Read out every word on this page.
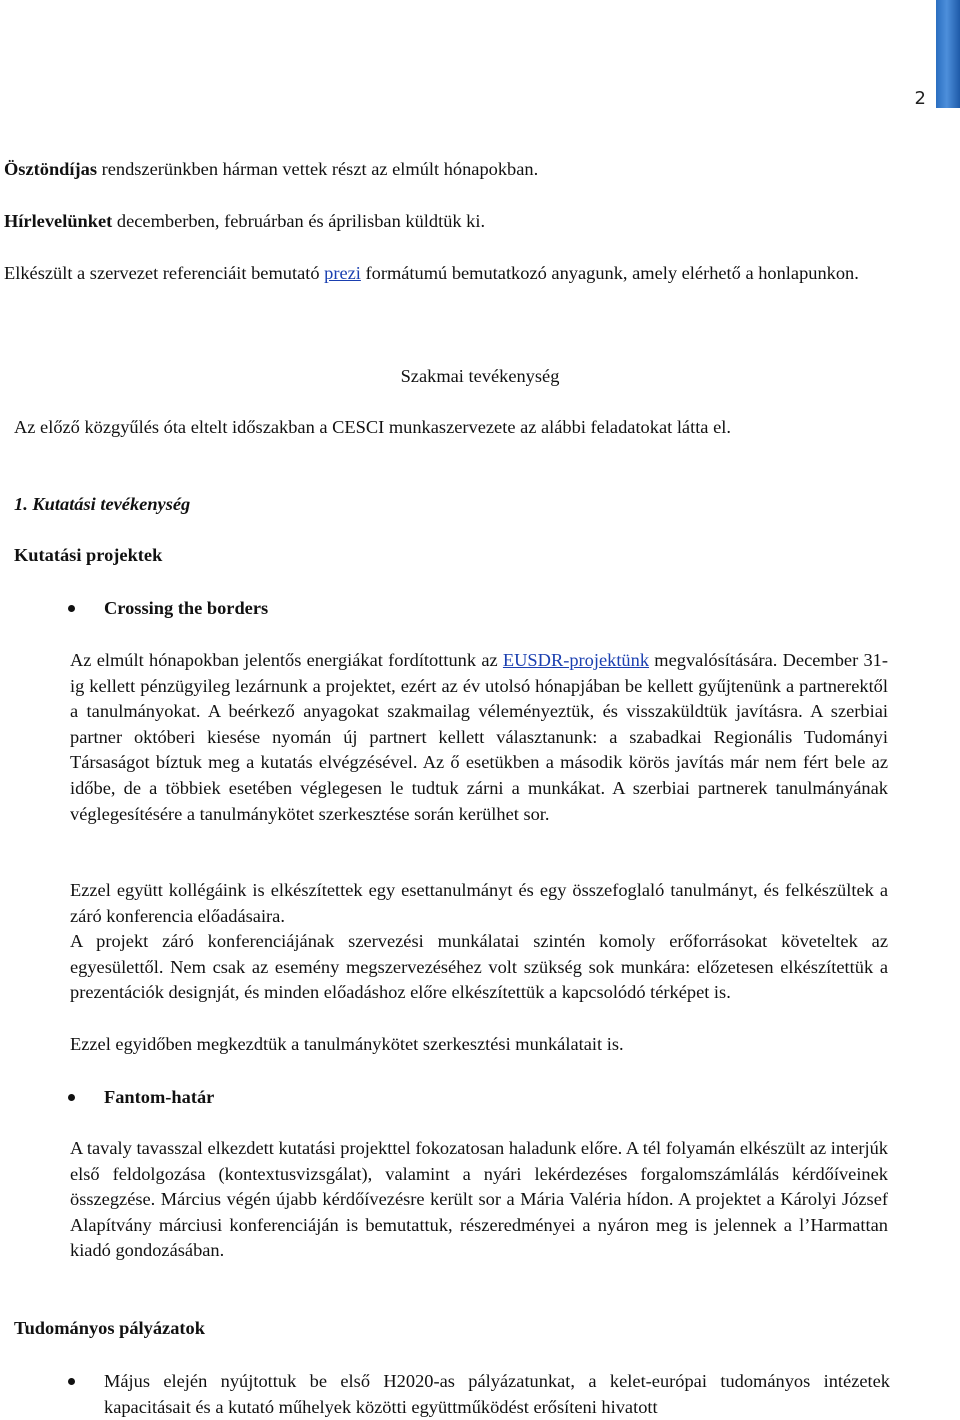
2

Ösztöndíjas rendszerünkben hárman vettek részt az elmúlt hónapokban.

Hírlevelünket decemberben, februárban és áprilisban küldtük ki.

Elkészült a szervezet referenciáit bemutató prezi formátumú bemutatkozó anyagunk, amely elérhető a honlapunkon.

Szakmai tevékenység

Az előző közgyűlés óta eltelt időszakban a CESCI munkaszervezete az alábbi feladatokat látta el.

1. Kutatási tevékenység

Kutatási projektek

Crossing the borders

Az elmúlt hónapokban jelentős energiákat fordítottunk az EUSDR-projektünk megvalósítására. December 31-ig kellett pénzügyileg lezárnunk a projektet, ezért az év utolsó hónapjában be kellett gyűjtenünk a partnerektől a tanulmányokat. A beérkező anyagokat szakmailag véleményeztük, és visszaküldtük javításra. A szerbiai partner októberi kiesése nyomán új partnert kellett választanunk: a szabadkai Regionális Tudományi Társaságot bíztuk meg a kutatás elvégzésével. Az ő esetükben a második körös javítás már nem fért bele az időbe, de a többiek esetében véglegesen le tudtuk zárni a munkákat. A szerbiai partnerek tanulmányának véglegesítésére a tanulmánykötet szerkesztése során kerülhet sor.

Ezzel együtt kollégáink is elkészítettek egy esettanulmányt és egy összefoglaló tanulmányt, és felkészültek a záró konferencia előadásaira.

A projekt záró konferenciájának szervezési munkálatai szintén komoly erőforrásokat követeltek az egyesülettől. Nem csak az esemény megszervezéséhez volt szükség sok munkára: előzetesen elkészítettük a prezentációk designját, és minden előadáshoz előre elkészítettük a kapcsolódó térképet is.

Ezzel egyidőben megkezdtük a tanulmánykötet szerkesztési munkálatait is.

Fantom-határ

A tavaly tavasszal elkezdett kutatási projekttel fokozatosan haladunk előre. A tél folyamán elkészült az interjúk első feldolgozása (kontextusvizsgálat), valamint a nyári lekérdezéses forgalomszámlálás kérdőíveinek összegzése. Március végén újabb kérdőívezésre került sor a Mária Valéria hídon. A projektet a Károlyi József Alapítvány márciusi konferenciáján is bemutattuk, részeredményei a nyáron meg is jelennek a l’Harmattan kiadó gondozásában.

Tudományos pályázatok

Május elején nyújtottuk be első H2020-as pályázatunkat, a kelet-európai tudományos intézetek kapacitásait és a kutató műhelyek közötti együttműködést erősíteni hivatott
